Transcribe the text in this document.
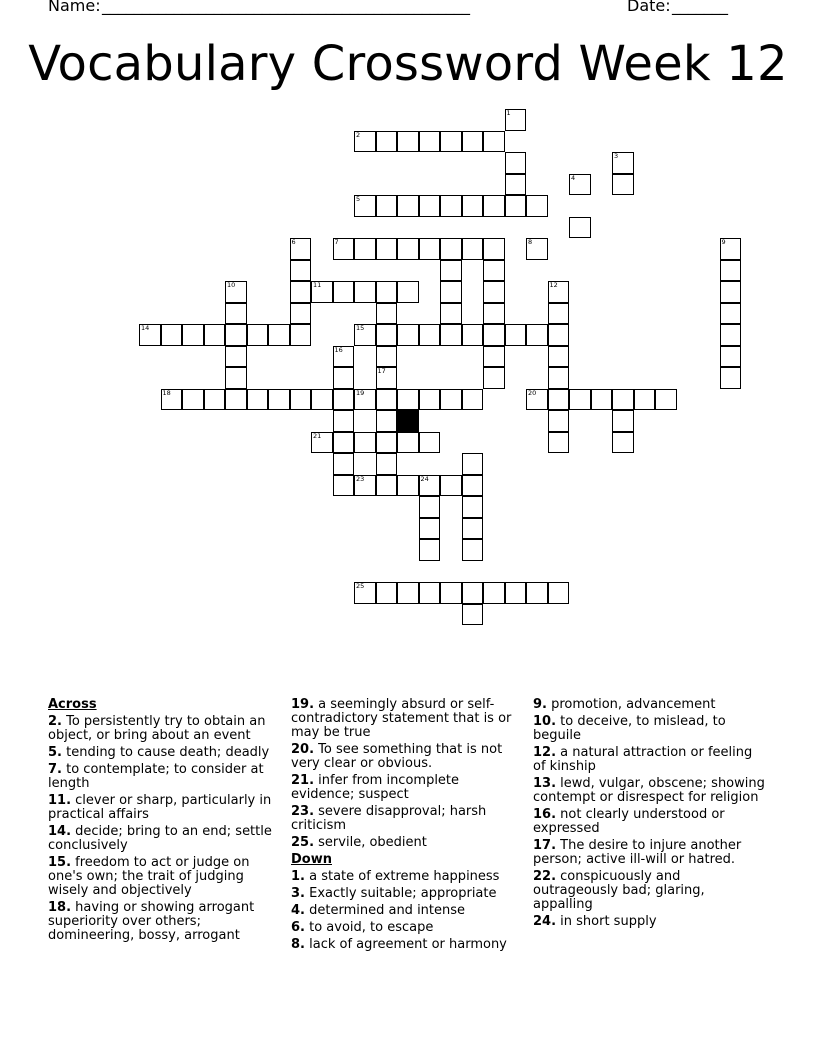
Name: ______________________________________________	Date: _______
Vocabulary Crossword Week 12
1
2
3
4
5
6	7	8	9
10	11	12
14	15
16
17
18	19	20
21
23	24
25
Across
2. To persistently try to obtain an object, or bring about an event
5. tending to cause death; deadly
7. to contemplate; to consider at length
11. clever or sharp, particularly in practical affairs
14. decide; bring to an end; settle conclusively
15. freedom to act or judge on one's own; the trait of judging wisely and objectively
18. having or showing arrogant superiority over others; domineering, bossy, arrogant
19. a seemingly absurd or self-contradictory statement that is or may be true
20. To see something that is not very clear or obvious.
21. infer from incomplete evidence; suspect
23. severe disapproval; harsh criticism
25. servile, obedient
Down
1. a state of extreme happiness
3. Exactly suitable; appropriate
4. determined and intense
6. to avoid, to escape
8. lack of agreement or harmony
9. promotion, advancement
10. to deceive, to mislead, to beguile
12. a natural attraction or feeling of kinship
13. lewd, vulgar, obscene; showing contempt or disrespect for religion
16. not clearly understood or expressed
17. The desire to injure another person; active ill-will or hatred.
22. conspicuously and outrageously bad; glaring, appalling
24. in short supply
